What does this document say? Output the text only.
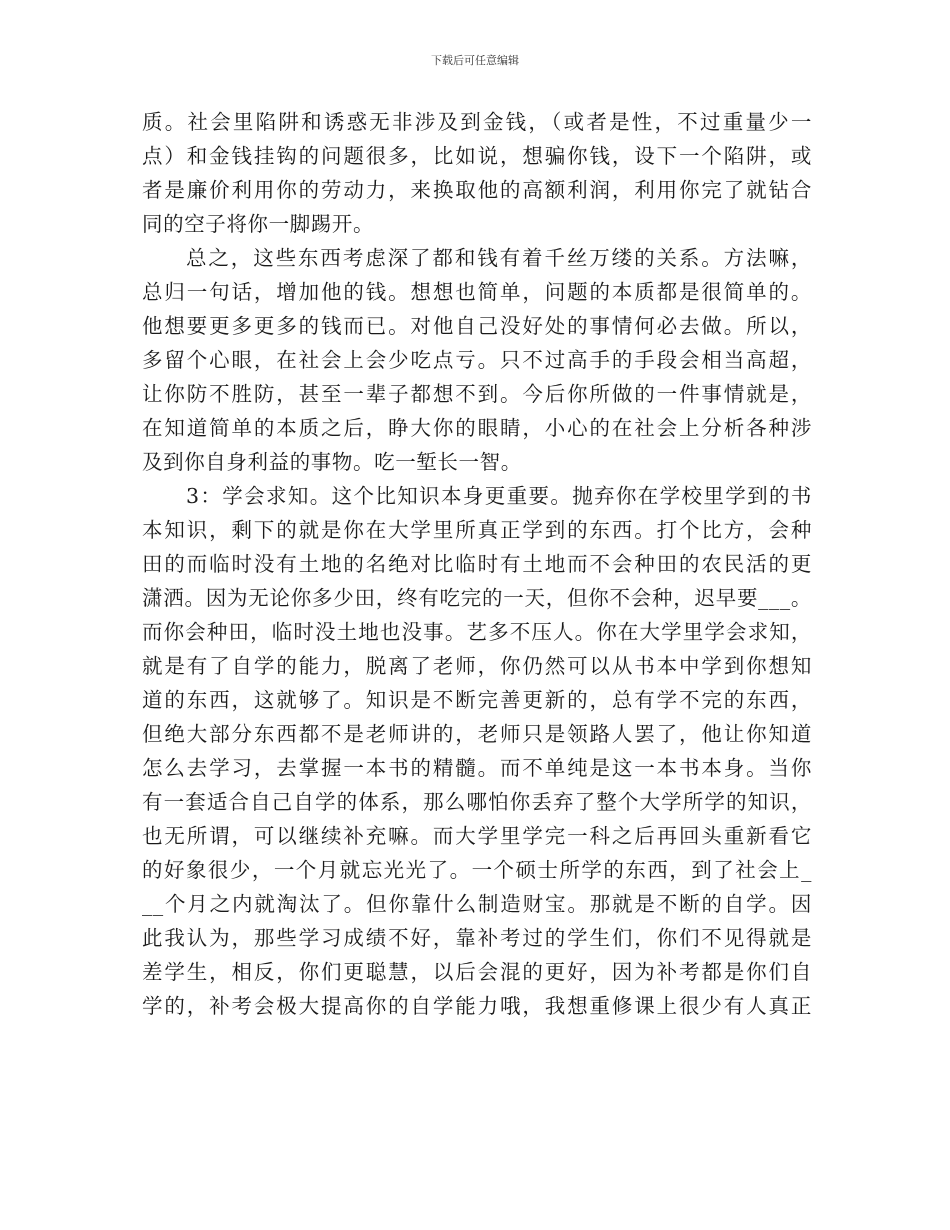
下载后可任意编辑
质。社会里陷阱和诱惑无非涉及到金钱，（或者是性，不过重量少一
点）和金钱挂钩的问题很多，比如说，想骗你钱，设下一个陷阱，或
者是廉价利用你的劳动力，来换取他的高额利润，利用你完了就钻合
同的空子将你一脚踢开。
总之，这些东西考虑深了都和钱有着千丝万缕的关系。方法嘛，
总归一句话，增加他的钱。想想也简单，问题的本质都是很简单的。
他想要更多更多的钱而已。对他自己没好处的事情何必去做。所以，
多留个心眼，在社会上会少吃点亏。只不过高手的手段会相当高超，
让你防不胜防，甚至一辈子都想不到。今后你所做的一件事情就是，
在知道简单的本质之后，睁大你的眼睛，小心的在社会上分析各种涉
及到你自身利益的事物。吃一堑长一智。
3：学会求知。这个比知识本身更重要。抛弃你在学校里学到的书
本知识，剩下的就是你在大学里所真正学到的东西。打个比方，会种
田的而临时没有土地的名绝对比临时有土地而不会种田的农民活的更
潇洒。因为无论你多少田，终有吃完的一天，但你不会种，迟早要___。
而你会种田，临时没土地也没事。艺多不压人。你在大学里学会求知，
就是有了自学的能力，脱离了老师，你仍然可以从书本中学到你想知
道的东西，这就够了。知识是不断完善更新的，总有学不完的东西，
但绝大部分东西都不是老师讲的，老师只是领路人罢了，他让你知道
怎么去学习，去掌握一本书的精髓。而不单纯是这一本书本身。当你
有一套适合自己自学的体系，那么哪怕你丢弃了整个大学所学的知识，
也无所谓，可以继续补充嘛。而大学里学完一科之后再回头重新看它
的好象很少，一个月就忘光光了。一个硕士所学的东西，到了社会上_
__个月之内就淘汰了。但你靠什么制造财宝。那就是不断的自学。因
此我认为，那些学习成绩不好，靠补考过的学生们，你们不见得就是
差学生，相反，你们更聪慧，以后会混的更好，因为补考都是你们自
学的，补考会极大提高你的自学能力哦，我想重修课上很少有人真正
